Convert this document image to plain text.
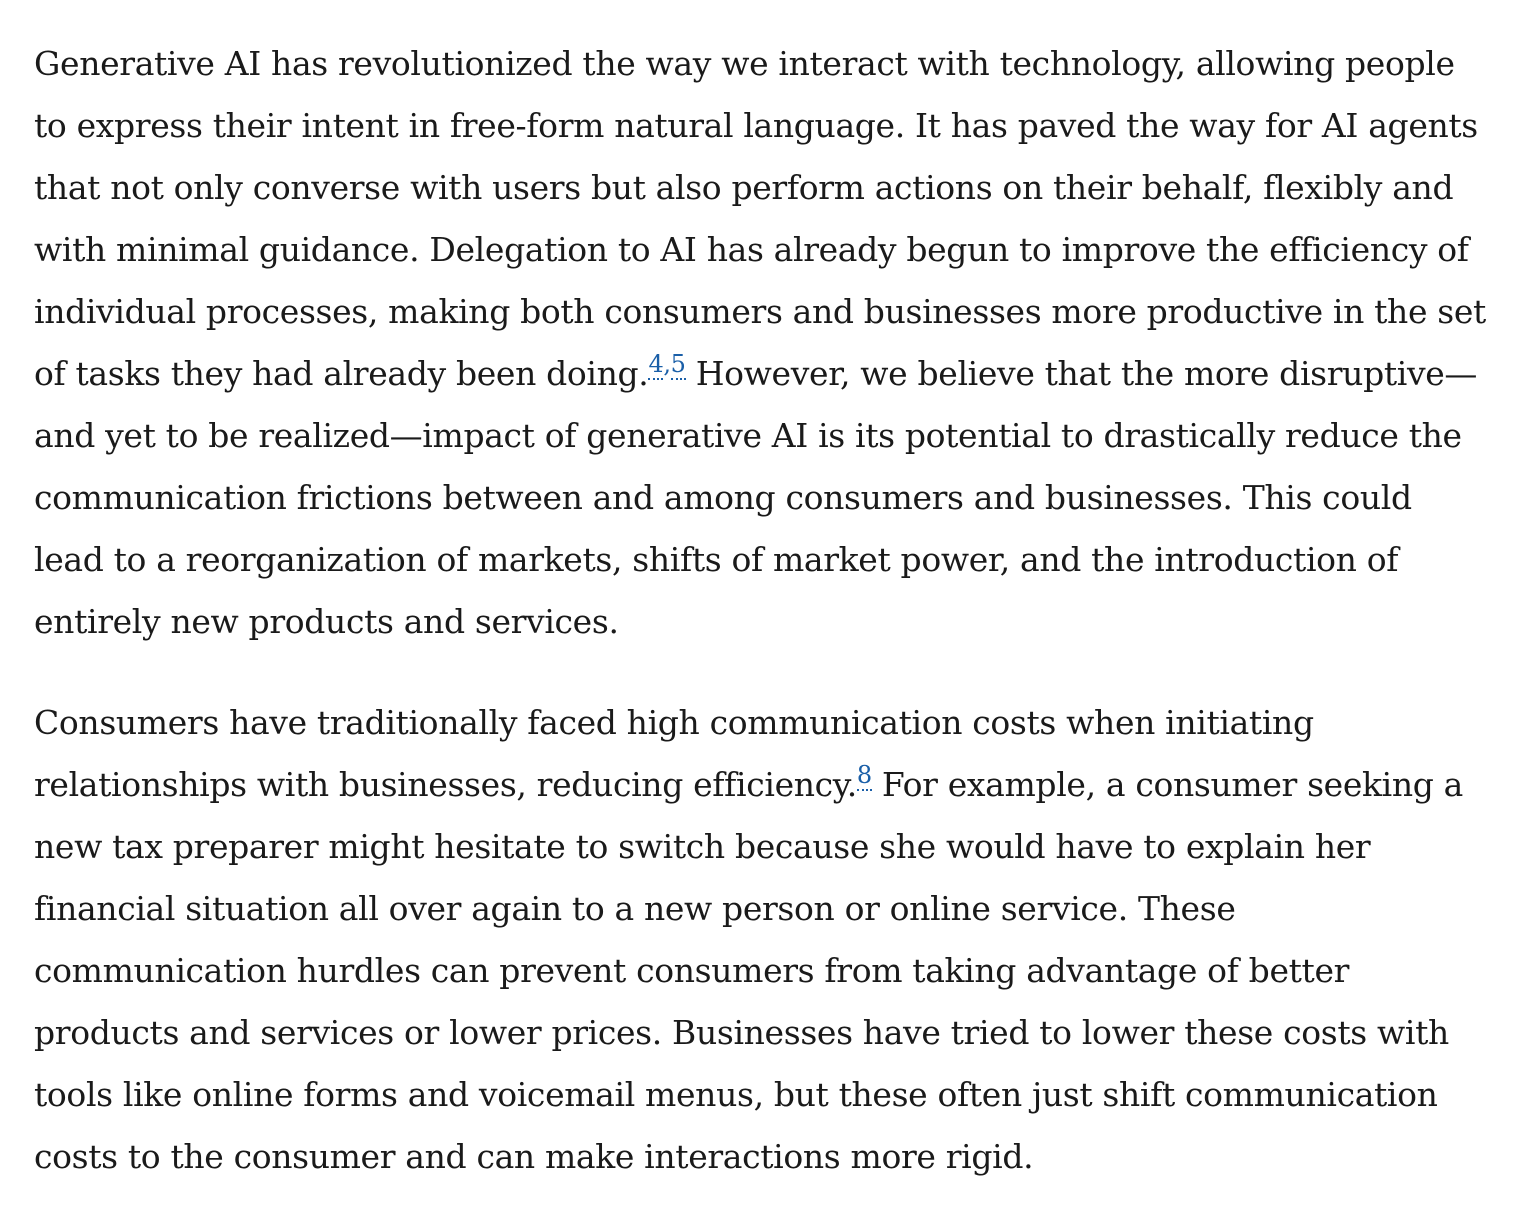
Generative AI has revolutionized the way we interact with technology, allowing people
to express their intent in free-form natural language. It has paved the way for AI agents
that not only converse with users but also perform actions on their behalf, flexibly and
with minimal guidance. Delegation to AI has already begun to improve the efficiency of
individual processes, making both consumers and businesses more productive in the set
of tasks they had already been doing.$^{4,5}$ However, we believe that the more disruptive—
and yet to be realized—impact of generative AI is its potential to drastically reduce the
communication frictions between and among consumers and businesses. This could
lead to a reorganization of markets, shifts of market power, and the introduction of
entirely new products and services.

Consumers have traditionally faced high communication costs when initiating
relationships with businesses, reducing efficiency.$^8$ For example, a consumer seeking a
new tax preparer might hesitate to switch because she would have to explain her
financial situation all over again to a new person or online service. These
communication hurdles can prevent consumers from taking advantage of better
products and services or lower prices. Businesses have tried to lower these costs with
tools like online forms and voicemail menus, but these often just shift communication
costs to the consumer and can make interactions more rigid.
